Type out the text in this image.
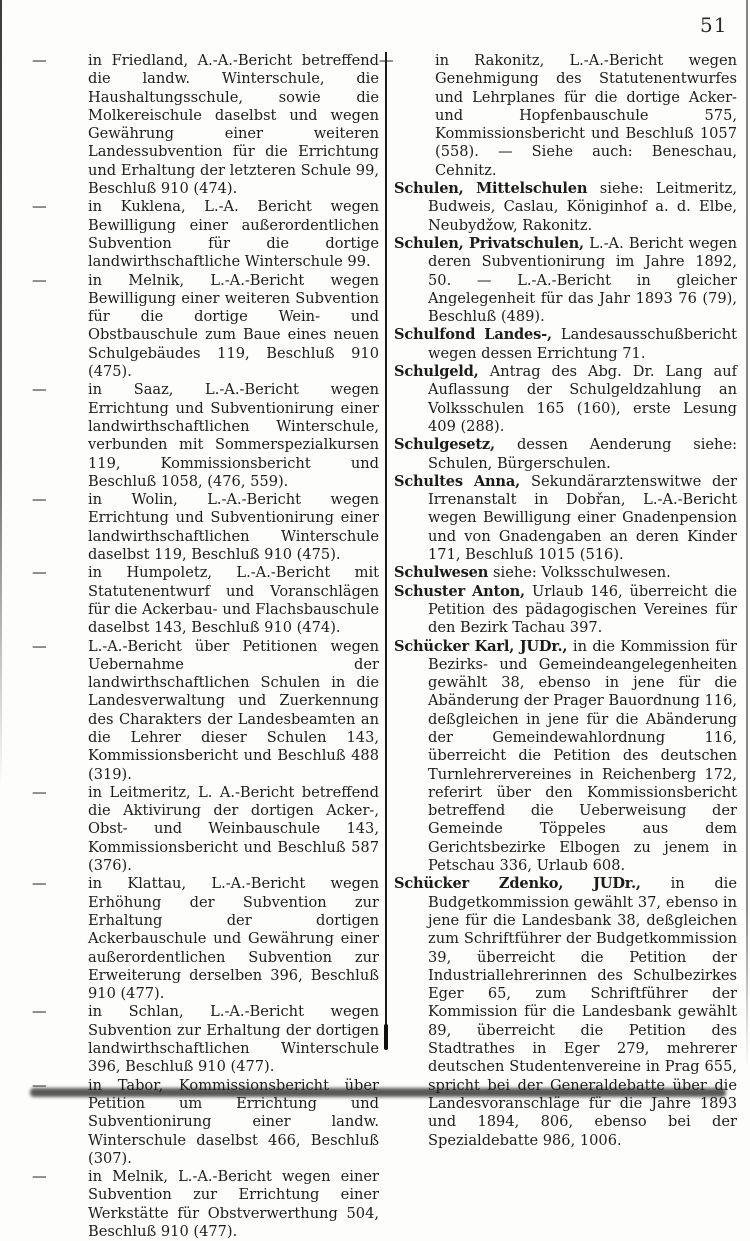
51
—	in Friedland, A.-A.-Bericht betreffend die landw. Winterschule, die Haushaltungsschule, sowie die Molkereischule daselbst und wegen Gewährung einer weiteren Landessubvention für die Errichtung und Erhaltung der letzteren Schule 99, Beschluß 910 (474).
—	in Kuklena, L.-A. Bericht wegen Bewilligung einer außerordentlichen Subvention für die dortige landwirthschaftliche Winterschule 99.
—	in Melnik, L.-A.-Bericht wegen Bewilligung einer weiteren Subvention für die dortige Wein- und Obstbauschule zum Baue eines neuen Schulgebäudes 119, Beschluß 910 (475).
—	in Saaz, L.-A.-Bericht wegen Errichtung und Subventionirung einer landwirthschaftlichen Winterschule, verbunden mit Sommerspezialkursen 119, Kommissionsbericht und Beschluß 1058, (476, 559).
—	in Wolin, L.-A.-Bericht wegen Errichtung und Subventionirung einer landwirthschaftlichen Winterschule daselbst 119, Beschluß 910 (475).
—	in Humpoletz, L.-A.-Bericht mit Statutenentwurf und Voranschlägen für die Ackerbau- und Flachsbauschule daselbst 143, Beschluß 910 (474).
—	L.-A.-Bericht über Petitionen wegen Uebernahme der landwirthschaftlichen Schulen in die Landesverwaltung und Zuerkennung des Charakters der Landesbeamten an die Lehrer dieser Schulen 143, Kommissionsbericht und Beschluß 488 (319).
—	in Leitmeritz, L. A.-Bericht betreffend die Aktivirung der dortigen Acker-, Obst- und Weinbauschule 143, Kommissionsbericht und Beschluß 587 (376).
—	in Klattau, L.-A.-Bericht wegen Erhöhung der Subvention zur Erhaltung der dortigen Ackerbauschule und Gewährung einer außerordentlichen Subvention zur Erweiterung derselben 396, Beschluß 910 (477).
—	in Schlan, L.-A.-Bericht wegen Subvention zur Erhaltung der dortigen landwirthschaftlichen Winterschule 396, Beschluß 910 (477).
—	in Tabor, Kommissionsbericht über Petition um Errichtung und Subventionirung einer landw. Winterschule daselbst 466, Beschluß (307).
—	in Melnik, L.-A.-Bericht wegen einer Subvention zur Errichtung einer Werkstätte für Obstverwerthung 504, Beschluß 910 (477).
—	in Rakonitz, L.-A.-Bericht wegen Genehmigung des Statutenentwurfes und Lehrplanes für die dortige Acker- und Hopfenbauschule 575, Kommissionsbericht und Beschluß 1057 (558). — Siehe auch: Beneschau, Cehnitz.
Schulen, Mittelschulen siehe: Leitmeritz, Budweis, Caslau, Königinhof a. d. Elbe, Neubydžow, Rakonitz.
Schulen, Privatschulen, L.-A. Bericht wegen deren Subventionirung im Jahre 1892, 50. — L.-A.-Bericht in gleicher Angelegenheit für das Jahr 1893 76 (79), Beschluß (489).
Schulfond Landes-, Landesausschußbericht wegen dessen Errichtung 71.
Schulgeld, Antrag des Abg. Dr. Lang auf Auflassung der Schulgeldzahlung an Volksschulen 165 (160), erste Lesung 409 (288).
Schulgesetz, dessen Aenderung siehe: Schulen, Bürgerschulen.
Schultes Anna, Sekundärarztenswitwe der Irrenanstalt in Dobřan, L.-A.-Bericht wegen Bewilligung einer Gnadenpension und von Gnadengaben an deren Kinder 171, Beschluß 1015 (516).
Schulwesen siehe: Volksschulwesen.
Schuster Anton, Urlaub 146, überreicht die Petition des pädagogischen Vereines für den Bezirk Tachau 397.
Schücker Karl, JUDr., in die Kommission für Bezirks- und Gemeindeangelegenheiten gewählt 38, ebenso in jene für die Abänderung der Prager Bauordnung 116, deßgleichen in jene für die Abänderung der Gemeindewahlordnung 116, überreicht die Petition des deutschen Turnlehrervereines in Reichenberg 172, referirt über den Kommissionsbericht betreffend die Ueberweisung der Gemeinde Töppeles aus dem Gerichtsbezirke Elbogen zu jenem in Petschau 336, Urlaub 608.
Schücker Zdenko, JUDr., in die Budgetkommission gewählt 37, ebenso in jene für die Landesbank 38, deßgleichen zum Schriftführer der Budgetkommission 39, überreicht die Petition der Industriallehrerinnen des Schulbezirkes Eger 65, zum Schriftführer der Kommission für die Landesbank gewählt 89, überreicht die Petition des Stadtrathes in Eger 279, mehrerer deutschen Studentenvereine in Prag 655, spricht bei der Generaldebatte über die Landesvoranschläge für die Jahre 1893 und 1894, 806, ebenso bei der Spezialdebatte 986, 1006.
